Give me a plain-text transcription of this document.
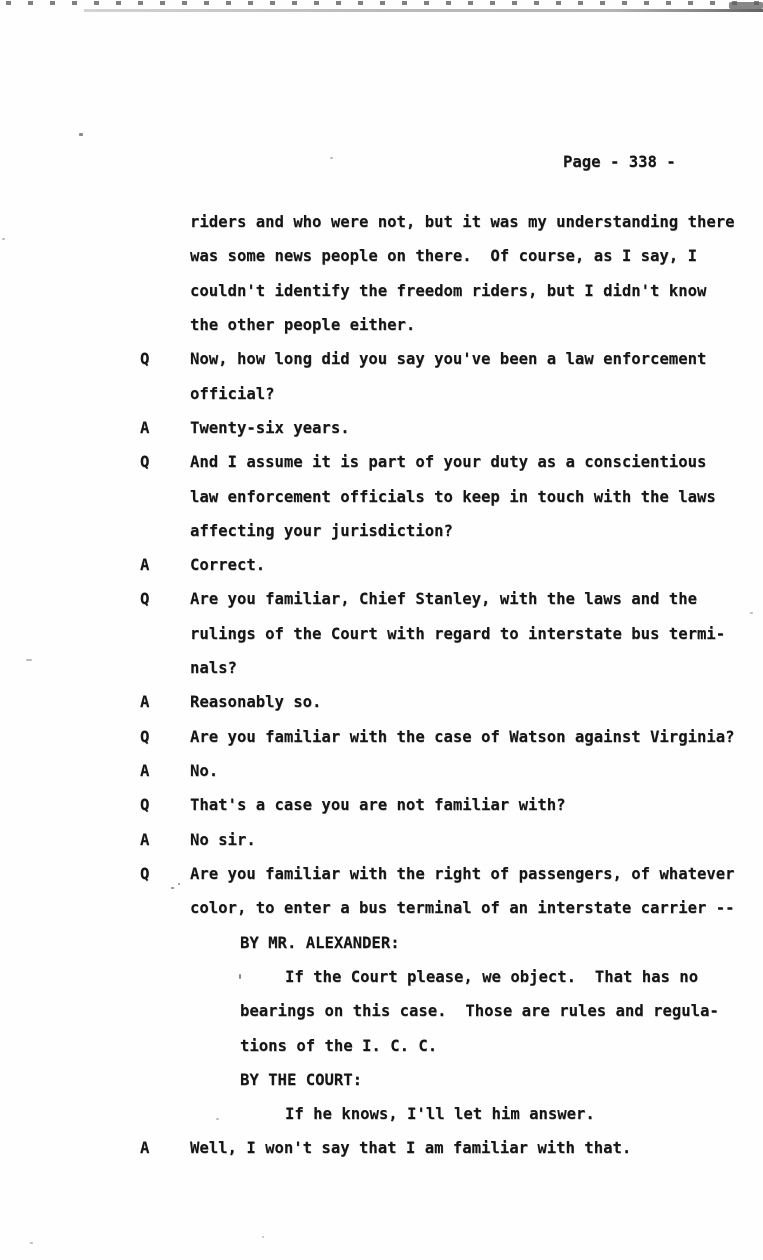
Page - 338 -
riders and who were not, but it was my understanding there
was some news people on there.  Of course, as I say, I
couldn't identify the freedom riders, but I didn't know
the other people either.
Q	Now, how long did you say you've been a law enforcement
official?
A	Twenty-six years.
Q	And I assume it is part of your duty as a conscientious
law enforcement officials to keep in touch with the laws
affecting your jurisdiction?
A	Correct.
Q	Are you familiar, Chief Stanley, with the laws and the
rulings of the Court with regard to interstate bus termi-
nals?
A	Reasonably so.
Q	Are you familiar with the case of Watson against Virginia?
A	No.
Q	That's a case you are not familiar with?
A	No sir.
Q	Are you familiar with the right of passengers, of whatever
color, to enter a bus terminal of an interstate carrier --
BY MR. ALEXANDER:
If the Court please, we object.  That has no
bearings on this case.  Those are rules and regula-
tions of the I. C. C.
BY THE COURT:
If he knows, I'll let him answer.
A	Well, I won't say that I am familiar with that.
